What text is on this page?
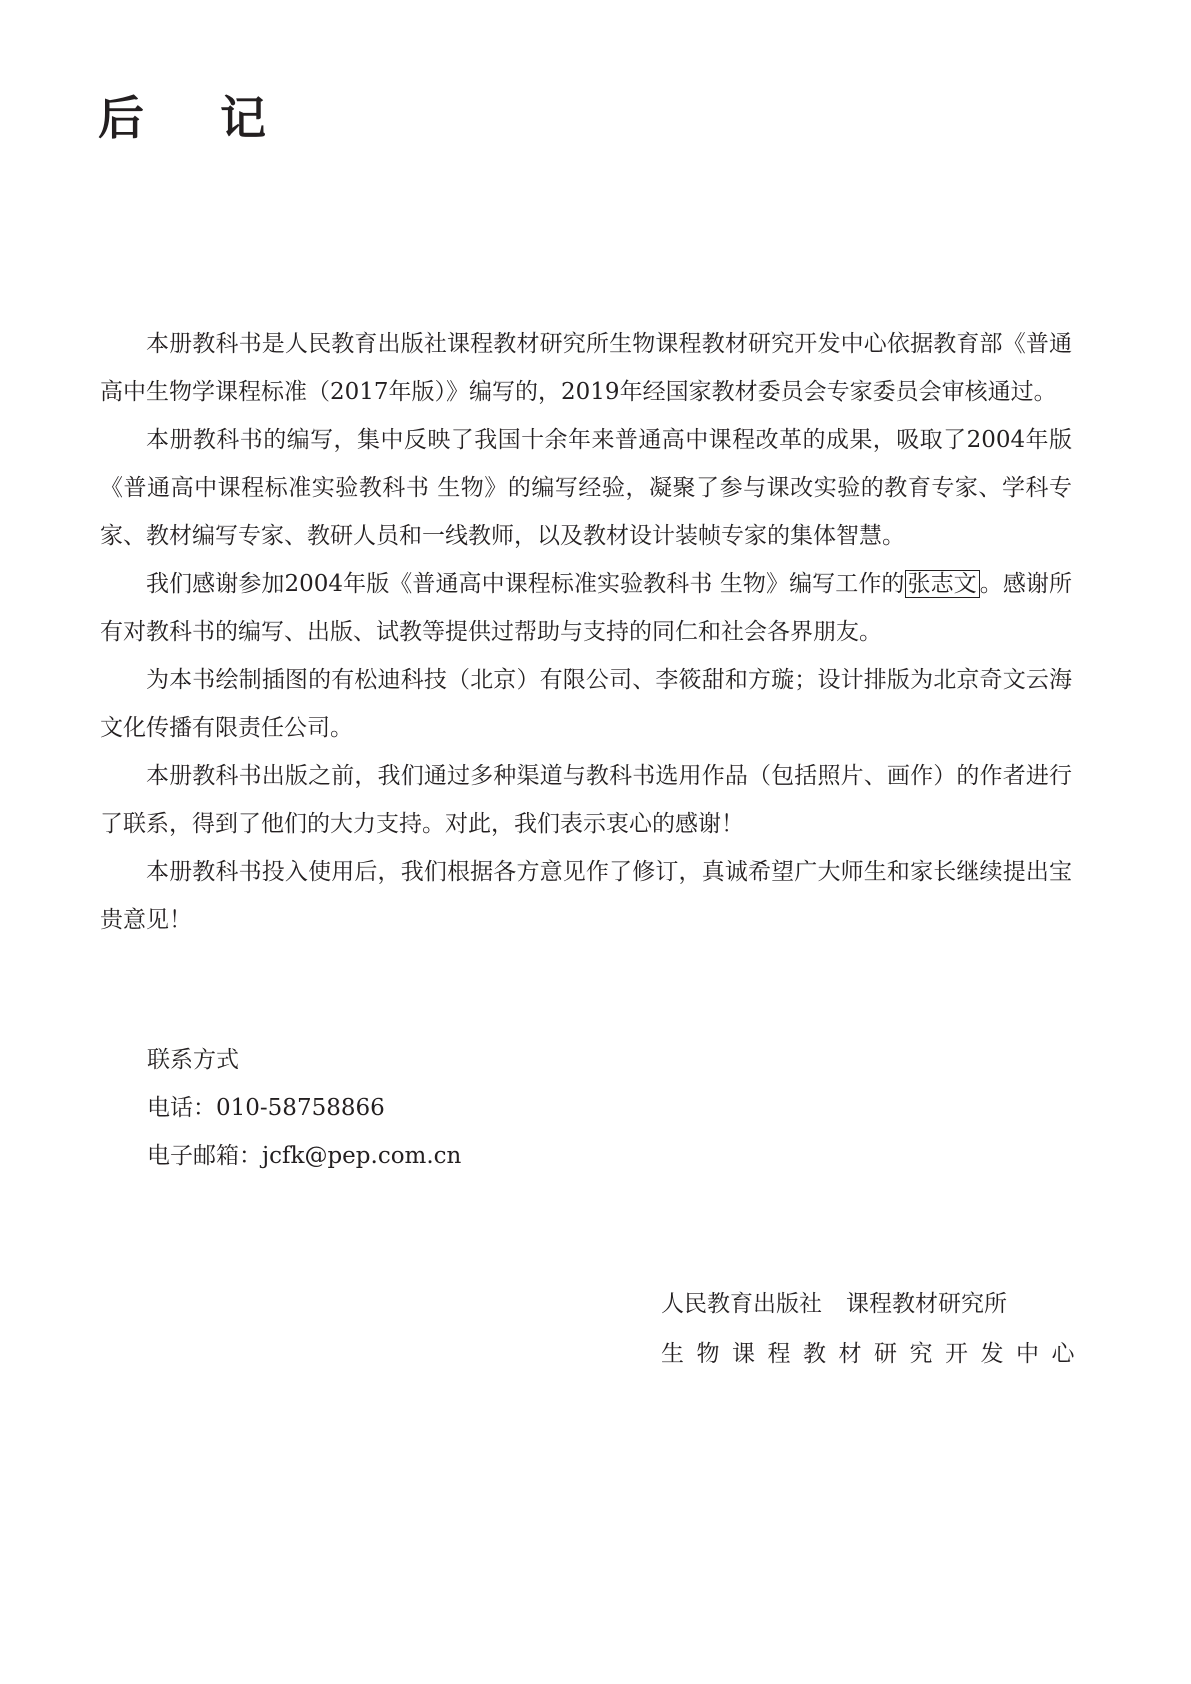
后 记

本册教科书是人民教育出版社课程教材研究所生物课程教材研究开发中心依据教育部《普通高中生物学课程标准（2017年版）》编写的，2019年经国家教材委员会专家委员会审核通过。

本册教科书的编写，集中反映了我国十余年来普通高中课程改革的成果，吸取了2004年版《普通高中课程标准实验教科书 生物》的编写经验，凝聚了参与课改实验的教育专家、学科专家、教材编写专家、教研人员和一线教师，以及教材设计装帧专家的集体智慧。

我们感谢参加2004年版《普通高中课程标准实验教科书 生物》编写工作的 张志文 。感谢所有对教科书的编写、出版、试教等提供过帮助与支持的同仁和社会各界朋友。

为本书绘制插图的有松迪科技（北京）有限公司、李筱甜和方璇；设计排版为北京奇文云海文化传播有限责任公司。

本册教科书出版之前，我们通过多种渠道与教科书选用作品（包括照片、画作）的作者进行了联系，得到了他们的大力支持。对此，我们表示衷心的感谢！

本册教科书投入使用后，我们根据各方意见作了修订，真诚希望广大师生和家长继续提出宝贵意见！

联系方式
电话：010-58758866
电子邮箱：jcfk@pep.com.cn
人民教育出版社 课程教材研究所
生物课程教材研究开发中心
